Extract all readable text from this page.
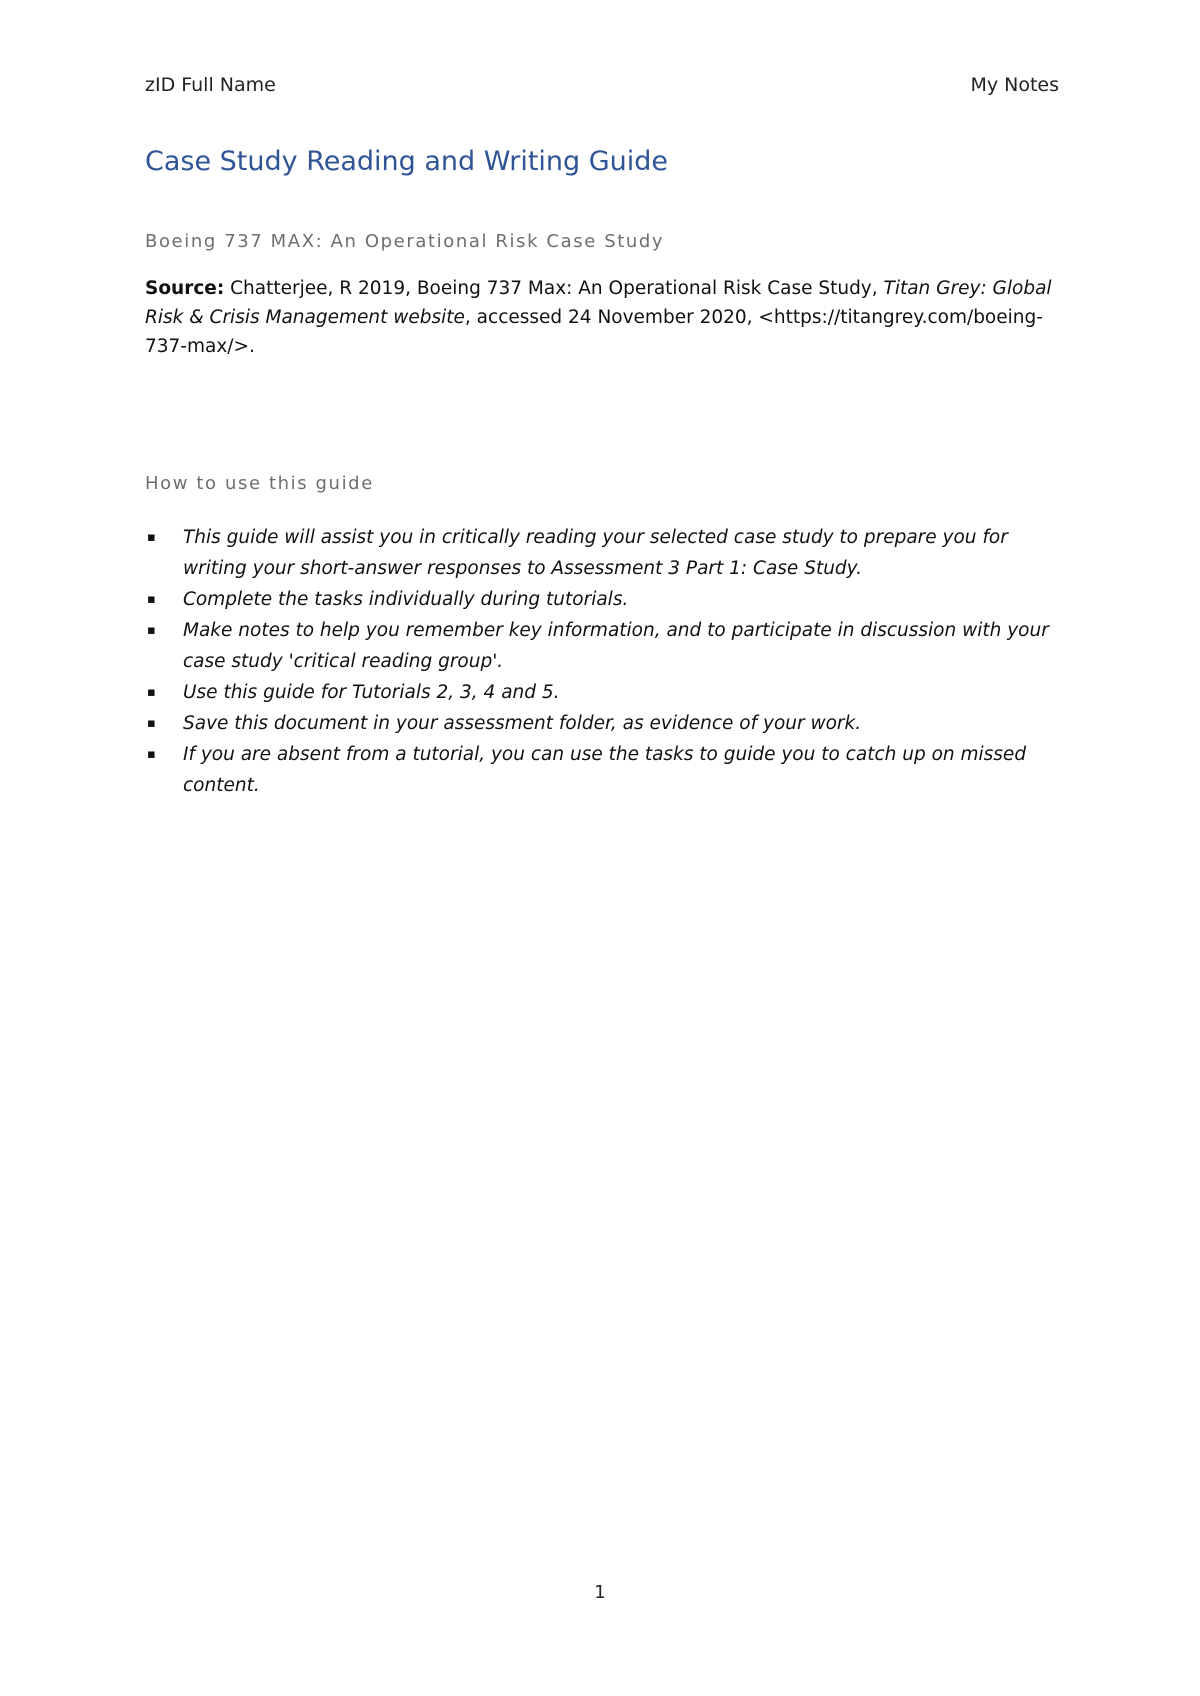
zID Full Name	My Notes
Case Study Reading and Writing Guide
Boeing 737 MAX: An Operational Risk Case Study

Source: Chatterjee, R 2019, Boeing 737 Max: An Operational Risk Case Study, Titan Grey: Global Risk & Crisis Management website, accessed 24 November 2020, <https://titangrey.com/boeing-737-max/>.

How to use this guide
▪ This guide will assist you in critically reading your selected case study to prepare you for writing your short-answer responses to Assessment 3 Part 1: Case Study.
▪ Complete the tasks individually during tutorials.
▪ Make notes to help you remember key information, and to participate in discussion with your case study 'critical reading group'.
▪ Use this guide for Tutorials 2, 3, 4 and 5.
▪ Save this document in your assessment folder, as evidence of your work.
▪ If you are absent from a tutorial, you can use the tasks to guide you to catch up on missed content.
1
